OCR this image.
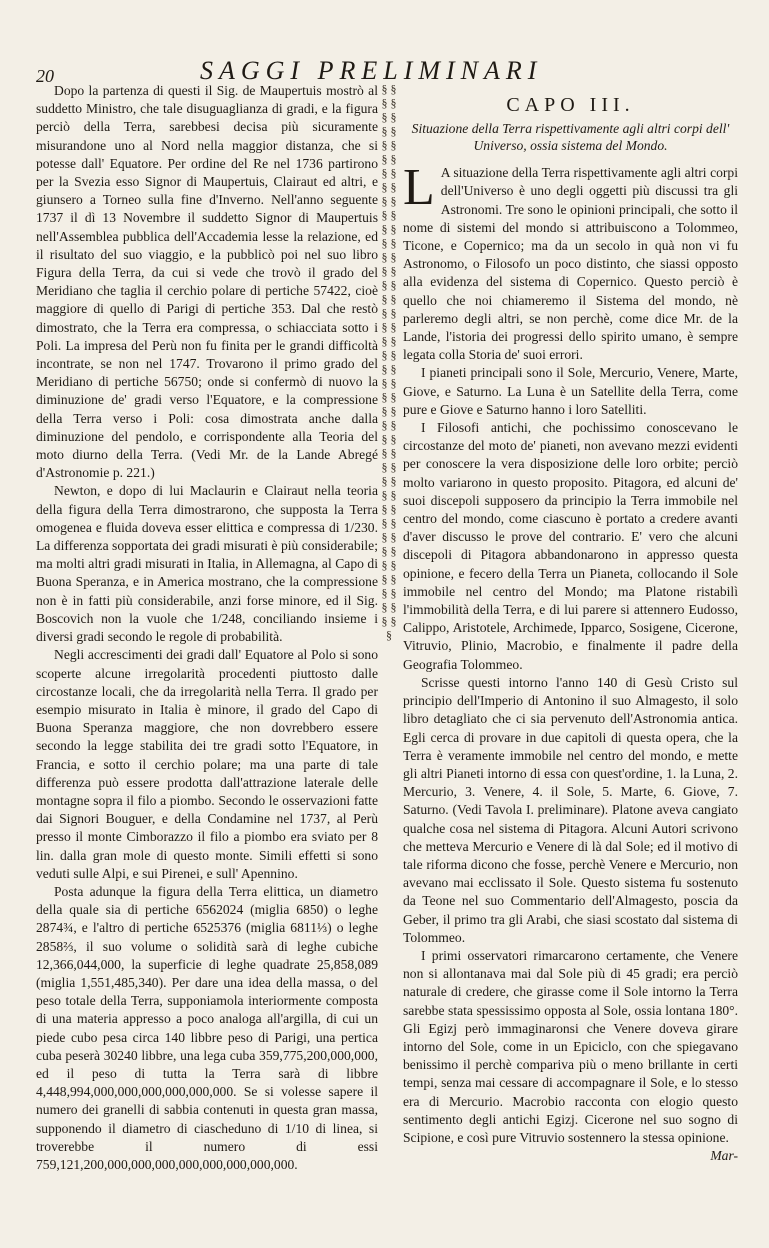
20	SAGGI PRELIMINARI

Dopo la partenza di questi il Sig. de Maupertuis mostrò al suddetto Ministro, che tale disuguaglianza di gradi, e la figura perciò della Terra, sarebbesi decisa più sicuramente misurandone uno al Nord nella maggior distanza, che si potesse dall' Equatore. Per ordine del Re nel 1736 partirono per la Svezia esso Signor di Maupertuis, Clairaut ed altri, e giunsero a Torneo sulla fine d'Inverno. Nell'anno seguente 1737 il dì 13 Novembre il suddetto Signor di Maupertuis nell'Assemblea pubblica dell'Accademia lesse la relazione, ed il risultato del suo viaggio, e la pubblicò poi nel suo libro Figura della Terra, da cui si vede che trovò il grado del Meridiano che taglia il cerchio polare di pertiche 57422, cioè maggiore di quello di Parigi di pertiche 353. Dal che restò dimostrato, che la Terra era compressa, o schiacciata sotto i Poli. La impresa del Perù non fu finita per le grandi difficoltà incontrate, se non nel 1747. Trovarono il primo grado del Meridiano di pertiche 56750; onde si confermò di nuovo la diminuzione de' gradi verso l'Equatore, e la compressione della Terra verso i Poli: cosa dimostrata anche dalla diminuzione del pendolo, e corrispondente alla Teoria del moto diurno della Terra. (Vedi Mr. de la Lande Abregé d'Astronomie p. 221.)

Newton, e dopo di lui Maclaurin e Clairaut nella teoria della figura della Terra dimostrarono, che supposta la Terra omogenea e fluida doveva esser elittica e compressa di 1/230. La differenza sopportata dei gradi misurati è più considerabile; ma molti altri gradi misurati in Italia, in Allemagna, al Capo di Buona Speranza, e in America mostrano, che la compressione non è in fatti più considerabile, anzi forse minore, ed il Sig. Boscovich non la vuole che 1/248, conciliando insieme i diversi gradi secondo le regole di probabilità.

Negli accrescimenti dei gradi dall' Equatore al Polo si sono scoperte alcune irregolarità procedenti piuttosto dalle circostanze locali, che da irregolarità nella Terra. Il grado per esempio misurato in Italia è minore, il grado del Capo di Buona Speranza maggiore, che non dovrebbero essere secondo la legge stabilita dei tre gradi sotto l'Equatore, in Francia, e sotto il cerchio polare; ma una parte di tale differenza può essere prodotta dall'attrazione laterale delle montagne sopra il filo a piombo. Secondo le osservazioni fatte dai Signori Bouguer, e della Condamine nel 1737, al Perù presso il monte Cimborazzo il filo a piombo era sviato per 8 lin. dalla gran mole di questo monte. Simili effetti si sono veduti sulle Alpi, e sui Pirenei, e sull' Apennino.

Posta adunque la figura della Terra elittica, un diametro della quale sia di pertiche 6562024 (miglia 6850) o leghe 2874¾, e l'altro di pertiche 6525376 (miglia 6811⅓) o leghe 2858⅔, il suo volume o solidità sarà di leghe cubiche 12,366,044,000, la superficie di leghe quadrate 25,858,089 (miglia 1,551,485,340). Per dare una idea della massa, o del peso totale della Terra, supponiamola interiormente composta di una materia appresso a poco analoga all'argilla, di cui un piede cubo pesa circa 140 libbre peso di Parigi, una pertica cuba peserà 30240 libbre, una lega cuba 359,775,200,000,000, ed il peso di tutta la Terra sarà di libbre 4,448,994,000,000,000,000,000,000. Se si volesse sapere il numero dei granelli di sabbia contenuti in questa gran massa, supponendo il diametro di ciascheduno di 1/10 di linea, si troverebbe il numero di essi 759,121,200,000,000,000,000,000,000,000,000.

§ § § § § § § § § § § § § § § § § § § § § § § § § § § § § § § § § § § § § § § § § § § § § § § § § § § § § § § § § § § § § § § § § § § § § § § § § § § § § § §
CAPO III.
Situazione della Terra rispettivamente agli altri corpi dell' Universo, ossia sistema del Mondo.

L A situazione della Terra rispettivamente agli altri corpi dell'Universo è uno degli oggetti più discussi tra gli Astronomi. Tre sono le opinioni principali, che sotto il nome di sistemi del mondo si attribuiscono a Tolommeo, Ticone, e Copernico; ma da un secolo in quà non vi fu Astronomo, o Filosofo un poco distinto, che siassi opposto alla evidenza del sistema di Copernico. Questo perciò è quello che noi chiameremo il Sistema del mondo, nè parleremo degli altri, se non perchè, come dice Mr. de la Lande, l'istoria dei progressi dello spirito umano, è sempre legata colla Storia de' suoi errori.

I pianeti principali sono il Sole, Mercurio, Venere, Marte, Giove, e Saturno. La Luna è un Satellite della Terra, come pure e Giove e Saturno hanno i loro Satelliti.

I Filosofi antichi, che pochissimo conoscevano le circostanze del moto de' pianeti, non avevano mezzi evidenti per conoscere la vera disposizione delle loro orbite; perciò molto variarono in questo proposito. Pitagora, ed alcuni de' suoi discepoli supposero da principio la Terra immobile nel centro del mondo, come ciascuno è portato a credere avanti d'aver discusso le prove del contrario. E' vero che alcuni discepoli di Pitagora abbandonarono in appresso questa opinione, e fecero della Terra un Pianeta, collocando il Sole immobile nel centro del Mondo; ma Platone ristabilì l'immobilità della Terra, e di lui parere si attennero Eudosso, Calippo, Aristotele, Archimede, Ipparco, Sosigene, Cicerone, Vitruvio, Plinio, Macrobio, e finalmente il padre della Geografia Tolommeo.

Scrisse questi intorno l'anno 140 di Gesù Cristo sul principio dell'Imperio di Antonino il suo Almagesto, il solo libro detagliato che ci sia pervenuto dell'Astronomia antica. Egli cerca di provare in due capitoli di questa opera, che la Terra è veramente immobile nel centro del mondo, e mette gli altri Pianeti intorno di essa con quest'ordine, 1. la Luna, 2. Mercurio, 3. Venere, 4. il Sole, 5. Marte, 6. Giove, 7. Saturno. (Vedi Tavola I. preliminare). Platone aveva cangiato qualche cosa nel sistema di Pitagora. Alcuni Autori scrivono che metteva Mercurio e Venere di là dal Sole; ed il motivo di tale riforma dicono che fosse, perchè Venere e Mercurio, non avevano mai ecclissato il Sole. Questo sistema fu sostenuto da Teone nel suo Commentario dell'Almagesto, poscia da Geber, il primo tra gli Arabi, che siasi scostato dal sistema di Tolommeo.

I primi osservatori rimarcarono certamente, che Venere non si allontanava mai dal Sole più di 45 gradi; era perciò naturale di credere, che girasse come il Sole intorno la Terra sarebbe stata spessissimo opposta al Sole, ossia lontana 180°. Gli Egizj però immaginaronsi che Venere doveva girare intorno del Sole, come in un Epiciclo, con che spiegavano benissimo il perchè compariva più o meno brillante in certi tempi, senza mai cessare di accompagnare il Sole, e lo stesso era di Mercurio. Macrobio racconta con elogio questo sentimento degli antichi Egizj. Cicerone nel suo sogno di Scipione, e così pure Vitruvio sostennero la stessa opinione.

Mar-
